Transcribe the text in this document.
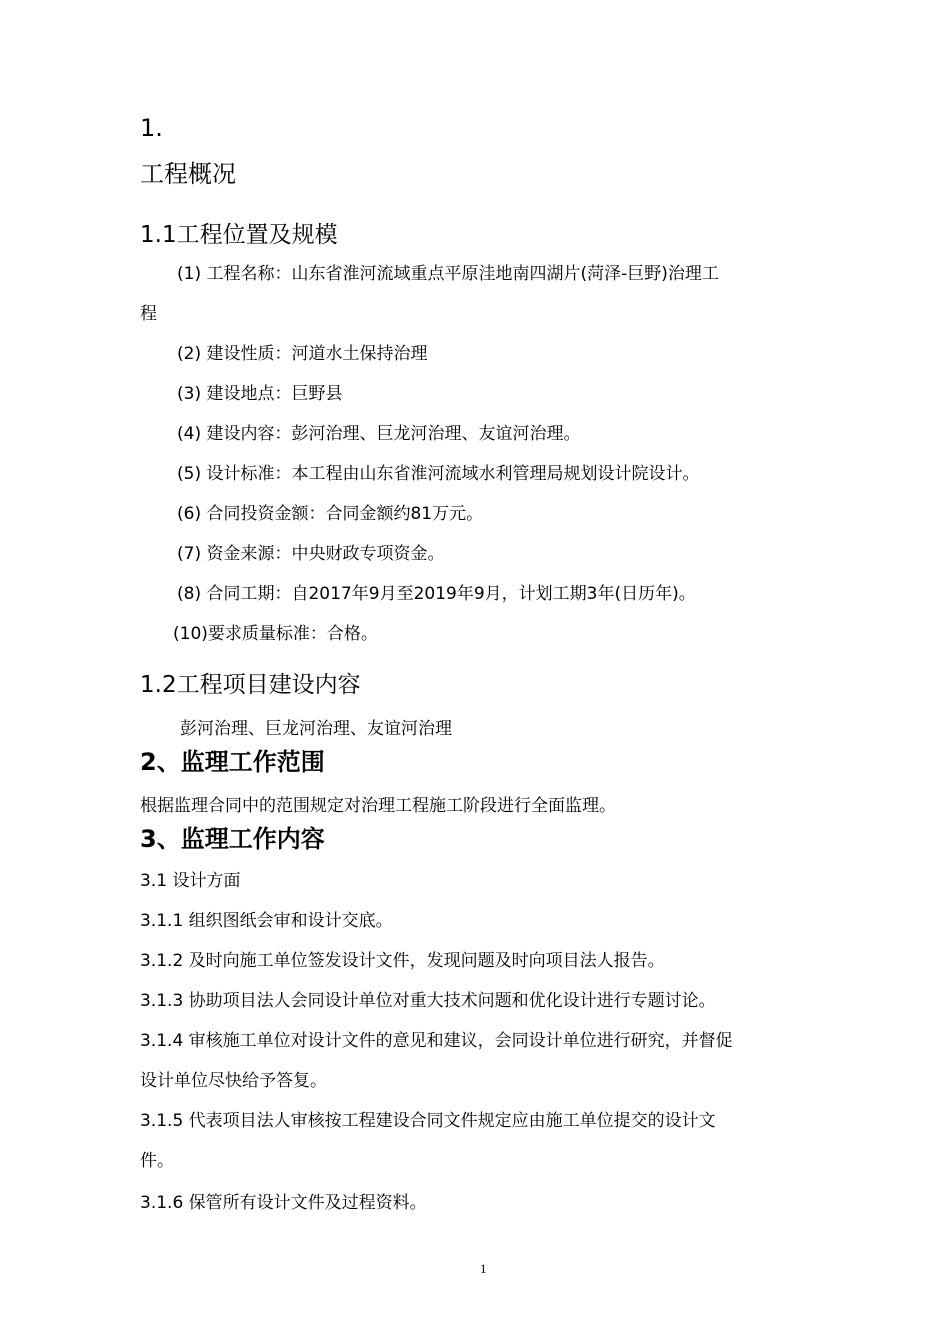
1.
工程概况
1.1工程位置及规模
(1) 工程名称：山东省淮河流域重点平原洼地南四湖片(菏泽-巨野)治理工
程
(2) 建设性质：河道水土保持治理
(3) 建设地点：巨野县
(4) 建设内容：彭河治理、巨龙河治理、友谊河治理。
(5) 设计标准：本工程由山东省淮河流域水利管理局规划设计院设计。
(6) 合同投资金额：合同金额约81万元。
(7) 资金来源：中央财政专项资金。
(8) 合同工期：自2017年9月至2019年9月，计划工期3年(日历年)。
(10)要求质量标准：合格。
1.2工程项目建设内容
彭河治理、巨龙河治理、友谊河治理
2、监理工作范围
根据监理合同中的范围规定对治理工程施工阶段进行全面监理。
3、监理工作内容
3.1 设计方面
3.1.1 组织图纸会审和设计交底。
3.1.2 及时向施工单位签发设计文件，发现问题及时向项目法人报告。
3.1.3 协助项目法人会同设计单位对重大技术问题和优化设计进行专题讨论。
3.1.4 审核施工单位对设计文件的意见和建议，会同设计单位进行研究，并督促
设计单位尽快给予答复。
3.1.5 代表项目法人审核按工程建设合同文件规定应由施工单位提交的设计文
件。
3.1.6 保管所有设计文件及过程资料。
1
